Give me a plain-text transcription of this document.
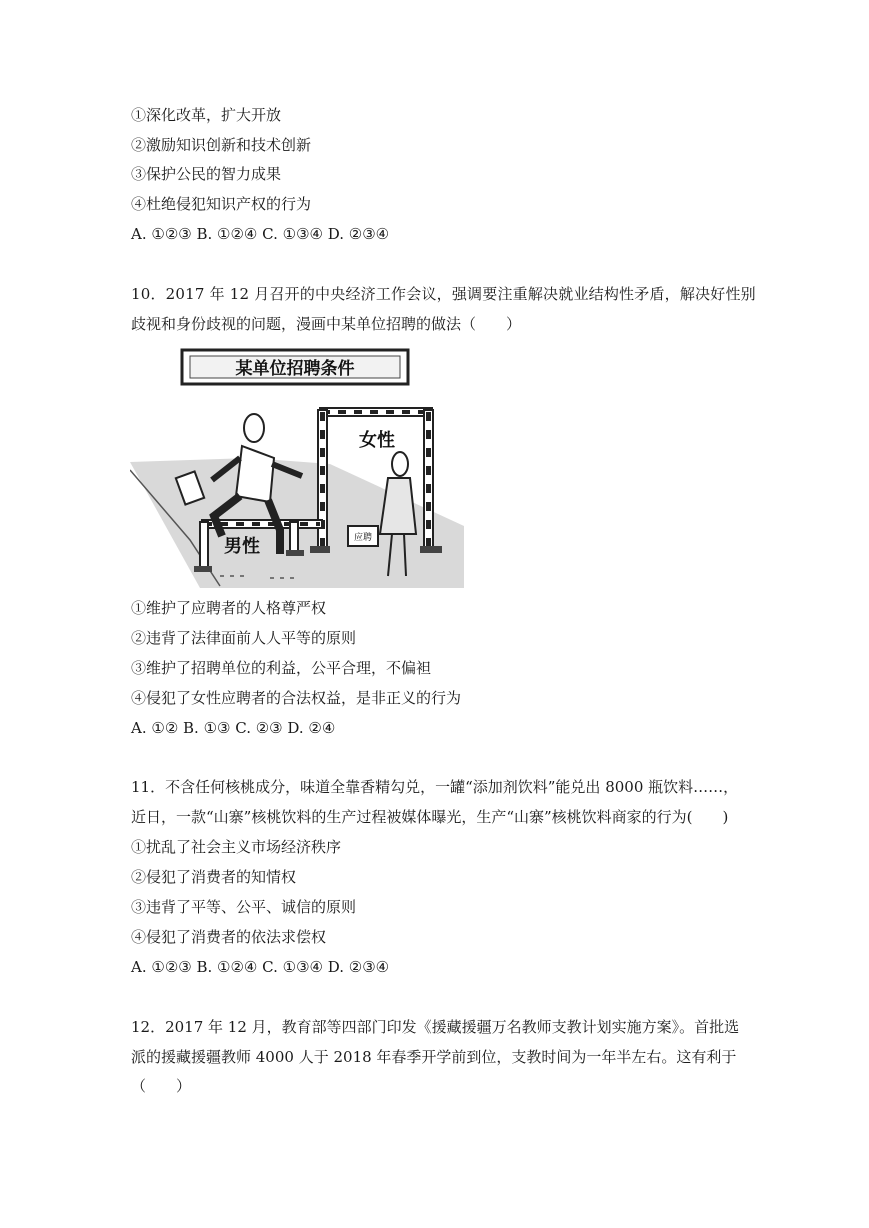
①深化改革，扩大开放
②激励知识创新和技术创新
③保护公民的智力成果
④杜绝侵犯知识产权的行为
A. ①②③ B. ①②④ C. ①③④ D. ②③④
10．2017 年 12 月召开的中央经济工作会议，强调要注重解决就业结构性矛盾，解决好性别
歧视和身份歧视的问题，漫画中某单位招聘的做法（　　）
某单位招聘条件
女性
男性	应聘
①维护了应聘者的人格尊严权
②违背了法律面前人人平等的原则
③维护了招聘单位的利益，公平合理，不偏袒
④侵犯了女性应聘者的合法权益，是非正义的行为
A. ①② B. ①③ C. ②③ D. ②④
11．不含任何核桃成分，味道全靠香精勾兑，一罐“添加剂饮料”能兑出 8000 瓶饮料……，
近日，一款“山寨”核桃饮料的生产过程被媒体曝光，生产“山寨”核桃饮料商家的行为(　　)
①扰乱了社会主义市场经济秩序
②侵犯了消费者的知情权
③违背了平等、公平、诚信的原则
④侵犯了消费者的依法求偿权
A. ①②③ B. ①②④ C. ①③④ D. ②③④
12．2017 年 12 月，教育部等四部门印发《援藏援疆万名教师支教计划实施方案》。首批选
派的援藏援疆教师 4000 人于 2018 年春季开学前到位，支教时间为一年半左右。这有利于
（　　）
